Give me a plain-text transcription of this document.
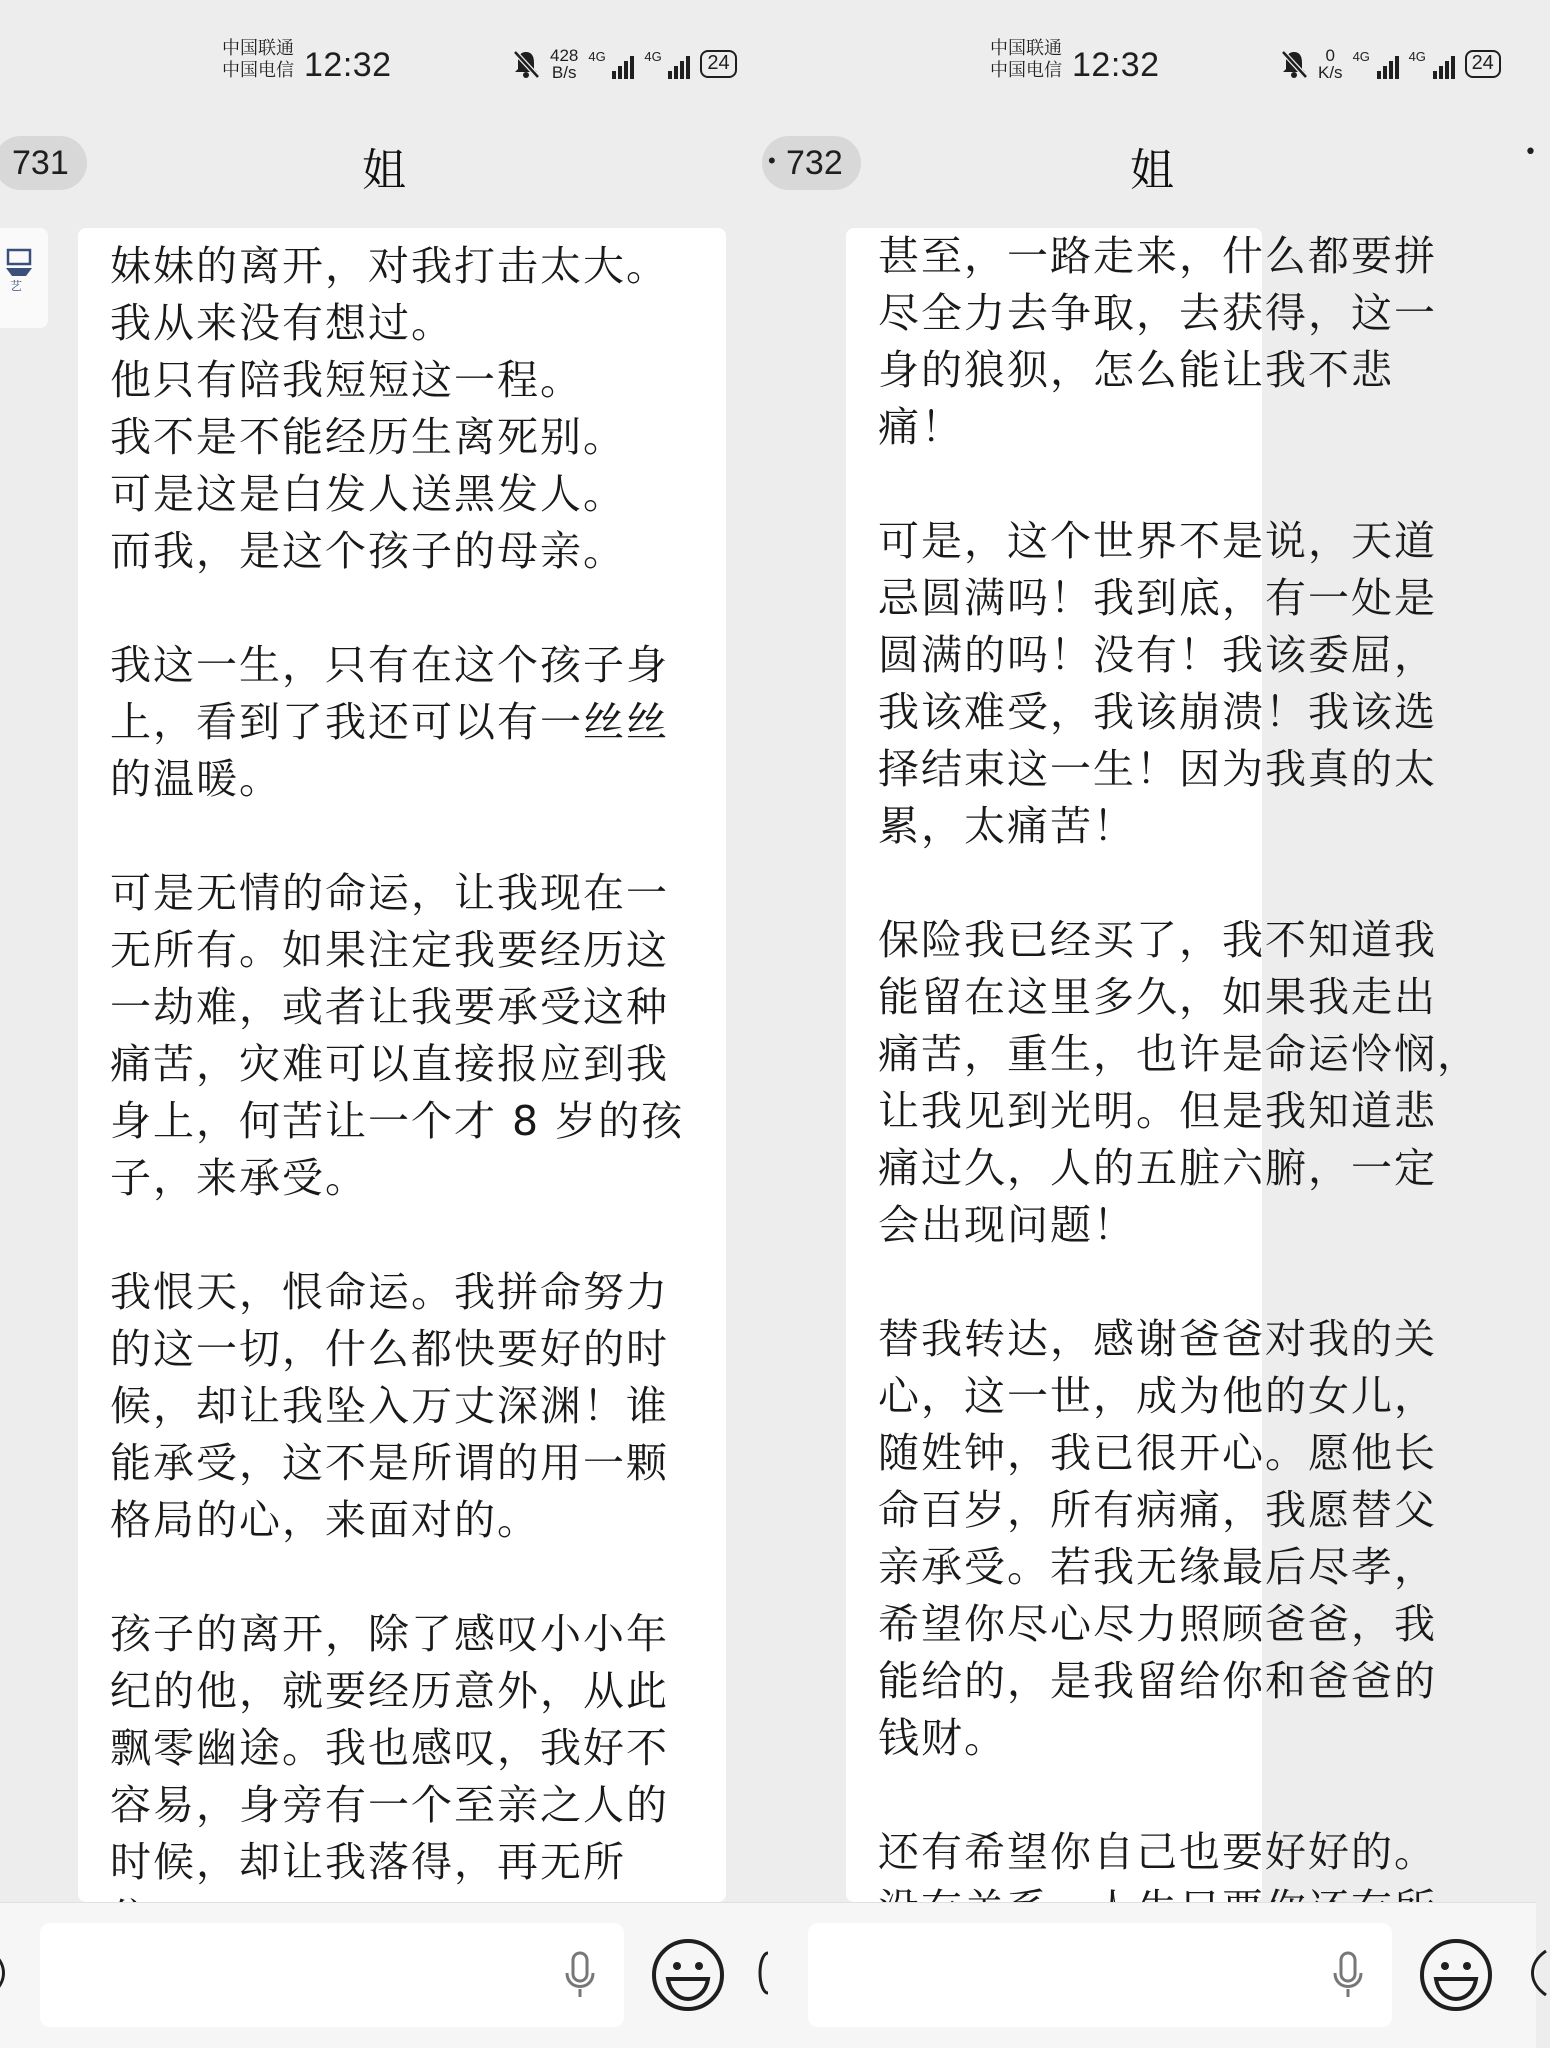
中国联通
中国电信 12:32	428
B/s
4G	4G	24
731	姐
艺 妹妹的离开，对我打击太大。
我从来没有想过。
他只有陪我短短这一程。
我不是不能经历生离死别。
可是这是白发人送黑发人。
而我，是这个孩子的母亲。

我这一生，只有在这个孩子身
上，看到了我还可以有一丝丝
的温暖。

可是无情的命运，让我现在一
无所有。如果注定我要经历这
一劫难，或者让我要承受这种
痛苦，灾难可以直接报应到我
身上，何苦让一个才 8 岁的孩
子，来承受。

我恨天，恨命运。我拼命努力
的这一切，什么都快要好的时
候，却让我坠入万丈深渊！谁
能承受，这不是所谓的用一颗
格局的心，来面对的。

孩子的离开，除了感叹小小年
纪的他，就要经历意外，从此
飘零幽途。我也感叹，我好不
容易，身旁有一个至亲之人的
时候，却让我落得，再无所

中国联通
中国电信 12:32	0
K/s
4G	4G	24
• 732	姐	•

甚至，一路走来，什么都要拼
尽全力去争取，去获得，这一
身的狼狈，怎么能让我不悲
痛！

可是，这个世界不是说，天道
忌圆满吗！我到底，有一处是
圆满的吗！没有！我该委屈，
我该难受，我该崩溃！我该选
择结束这一生！因为我真的太
累，太痛苦！

保险我已经买了，我不知道我
能留在这里多久，如果我走出
痛苦，重生，也许是命运怜悯，
让我见到光明。但是我知道悲
痛过久，人的五脏六腑，一定
会出现问题！

替我转达，感谢爸爸对我的关
心，这一世，成为他的女儿，
随姓钟，我已很开心。愿他长
命百岁，所有病痛，我愿替父
亲承受。若我无缘最后尽孝，
希望你尽心尽力照顾爸爸，我
能给的，是我留给你和爸爸的
钱财。

还有希望你自己也要好好的。
